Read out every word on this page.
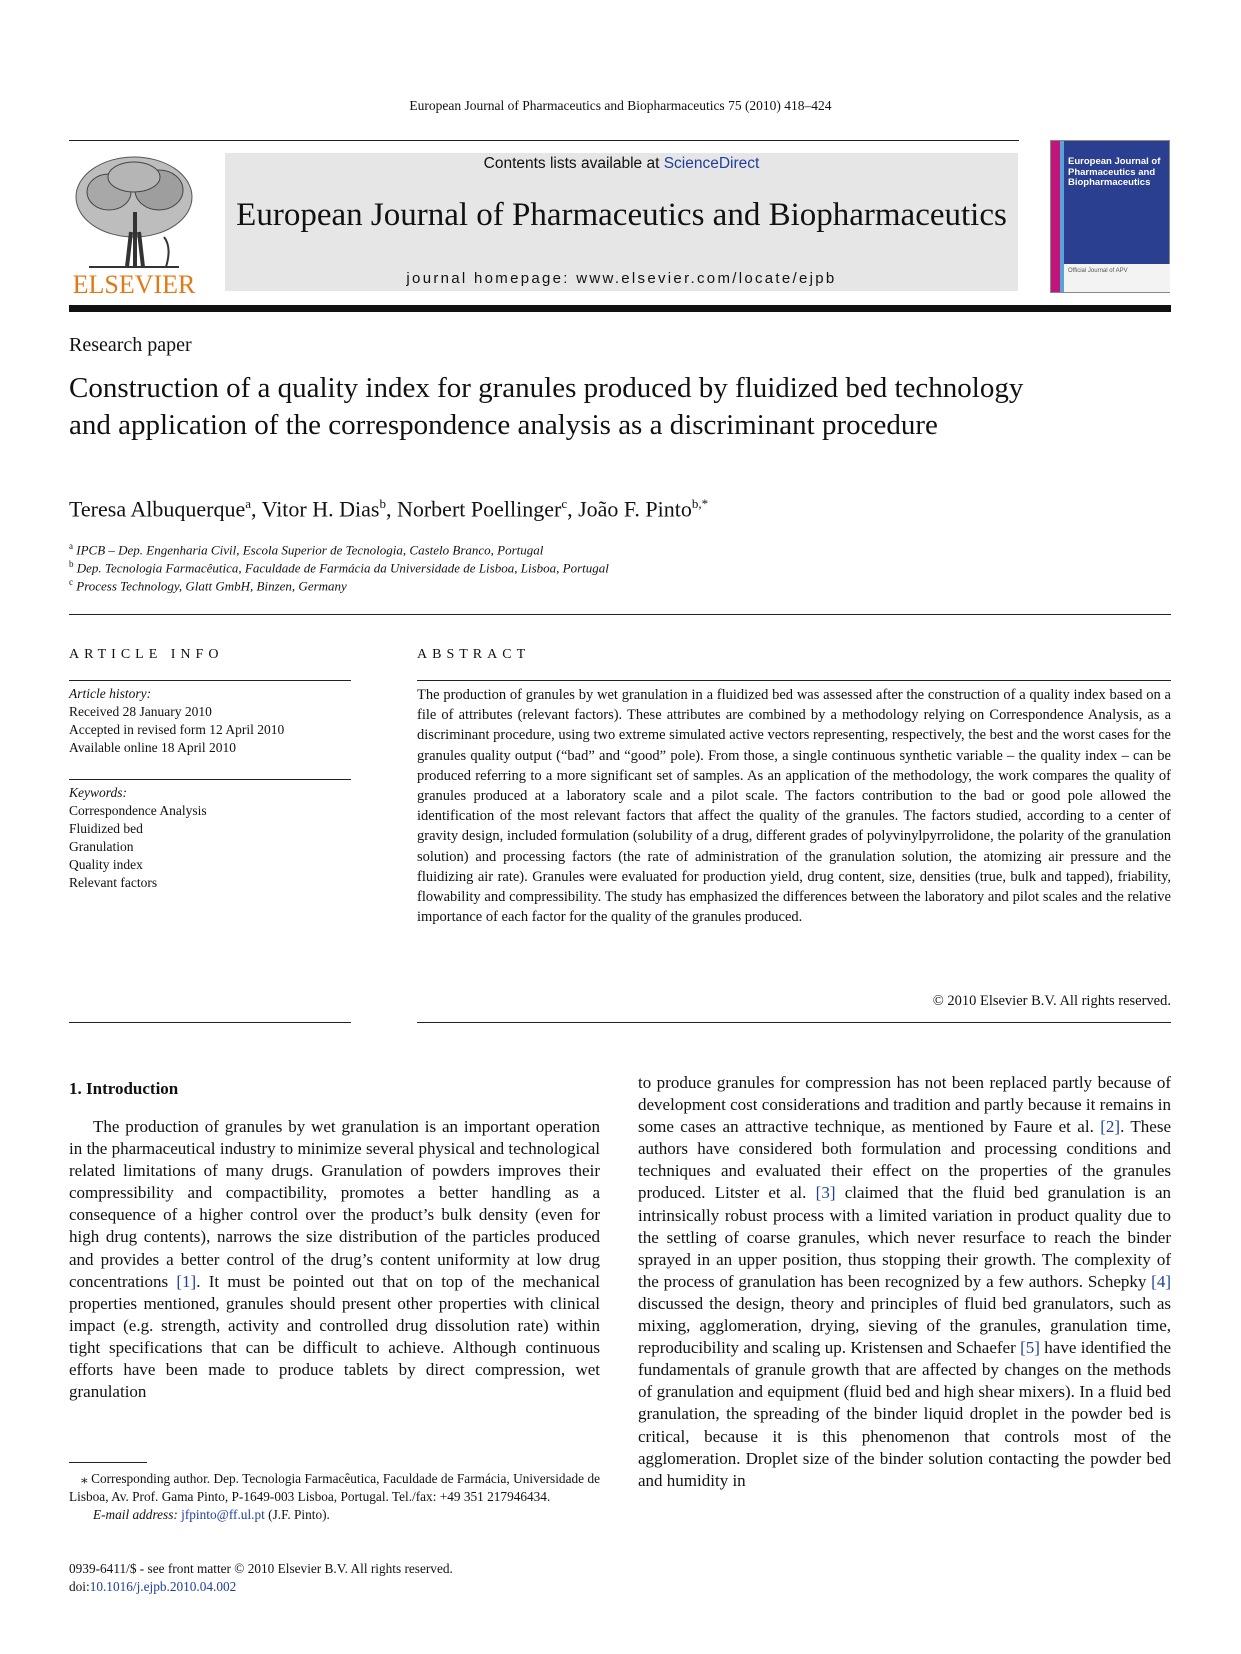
European Journal of Pharmaceutics and Biopharmaceutics 75 (2010) 418–424
ELSEVIER
Contents lists available at ScienceDirect
European Journal of Pharmaceutics and Biopharmaceutics
journal homepage: www.elsevier.com/locate/ejpb
European Journal of Pharmaceutics and Biopharmaceutics
Official Journal of APV
Research paper
Construction of a quality index for granules produced by fluidized bed technology and application of the correspondence analysis as a discriminant procedure
Teresa Albuquerque$^a$, Vitor H. Dias$^b$, Norbert Poellinger$^c$, João F. Pinto$^{b,*}$
$^a$ IPCB – Dep. Engenharia Civil, Escola Superior de Tecnologia, Castelo Branco, Portugal
$^b$ Dep. Tecnologia Farmacêutica, Faculdade de Farmácia da Universidade de Lisboa, Lisboa, Portugal
$^c$ Process Technology, Glatt GmbH, Binzen, Germany
ARTICLE INFO
Article history:
Received 28 January 2010
Accepted in revised form 12 April 2010
Available online 18 April 2010
Keywords:
Correspondence Analysis
Fluidized bed
Granulation
Quality index
Relevant factors
ABSTRACT
The production of granules by wet granulation in a fluidized bed was assessed after the construction of a quality index based on a file of attributes (relevant factors). These attributes are combined by a methodology relying on Correspondence Analysis, as a discriminant procedure, using two extreme simulated active vectors representing, respectively, the best and the worst cases for the granules quality output (“bad” and “good” pole). From those, a single continuous synthetic variable – the quality index – can be produced referring to a more significant set of samples. As an application of the methodology, the work compares the quality of granules produced at a laboratory scale and a pilot scale. The factors contribution to the bad or good pole allowed the identification of the most relevant factors that affect the quality of the granules. The factors studied, according to a center of gravity design, included formulation (solubility of a drug, different grades of polyvinylpyrrolidone, the polarity of the granulation solution) and processing factors (the rate of administration of the granulation solution, the atomizing air pressure and the fluidizing air rate). Granules were evaluated for production yield, drug content, size, densities (true, bulk and tapped), friability, flowability and compressibility. The study has emphasized the differences between the laboratory and pilot scales and the relative importance of each factor for the quality of the granules produced.
© 2010 Elsevier B.V. All rights reserved.
1. Introduction
The production of granules by wet granulation is an important operation in the pharmaceutical industry to minimize several physical and technological related limitations of many drugs. Granulation of powders improves their compressibility and compactibility, promotes a better handling as a consequence of a higher control over the product’s bulk density (even for high drug contents), narrows the size distribution of the particles produced and provides a better control of the drug’s content uniformity at low drug concentrations [1]. It must be pointed out that on top of the mechanical properties mentioned, granules should present other properties with clinical impact (e.g. strength, activity and controlled drug dissolution rate) within tight specifications that can be difficult to achieve. Although continuous efforts have been made to produce tablets by direct compression, wet granulation
to produce granules for compression has not been replaced partly because of development cost considerations and tradition and partly because it remains in some cases an attractive technique, as mentioned by Faure et al. [2]. These authors have considered both formulation and processing conditions and techniques and evaluated their effect on the properties of the granules produced. Litster et al. [3] claimed that the fluid bed granulation is an intrinsically robust process with a limited variation in product quality due to the settling of coarse granules, which never resurface to reach the binder sprayed in an upper position, thus stopping their growth. The complexity of the process of granulation has been recognized by a few authors. Schepky [4] discussed the design, theory and principles of fluid bed granulators, such as mixing, agglomeration, drying, sieving of the granules, granulation time, reproducibility and scaling up. Kristensen and Schaefer [5] have identified the fundamentals of granule growth that are affected by changes on the methods of granulation and equipment (fluid bed and high shear mixers). In a fluid bed granulation, the spreading of the binder liquid droplet in the powder bed is critical, because it is this phenomenon that controls most of the agglomeration. Droplet size of the binder solution contacting the powder bed and humidity in
⁎ Corresponding author. Dep. Tecnologia Farmacêutica, Faculdade de Farmácia, Universidade de Lisboa, Av. Prof. Gama Pinto, P-1649-003 Lisboa, Portugal. Tel./fax: +49 351 217946434.
E-mail address: jfpinto@ff.ul.pt (J.F. Pinto).
0939-6411/$ - see front matter © 2010 Elsevier B.V. All rights reserved.
doi:10.1016/j.ejpb.2010.04.002
